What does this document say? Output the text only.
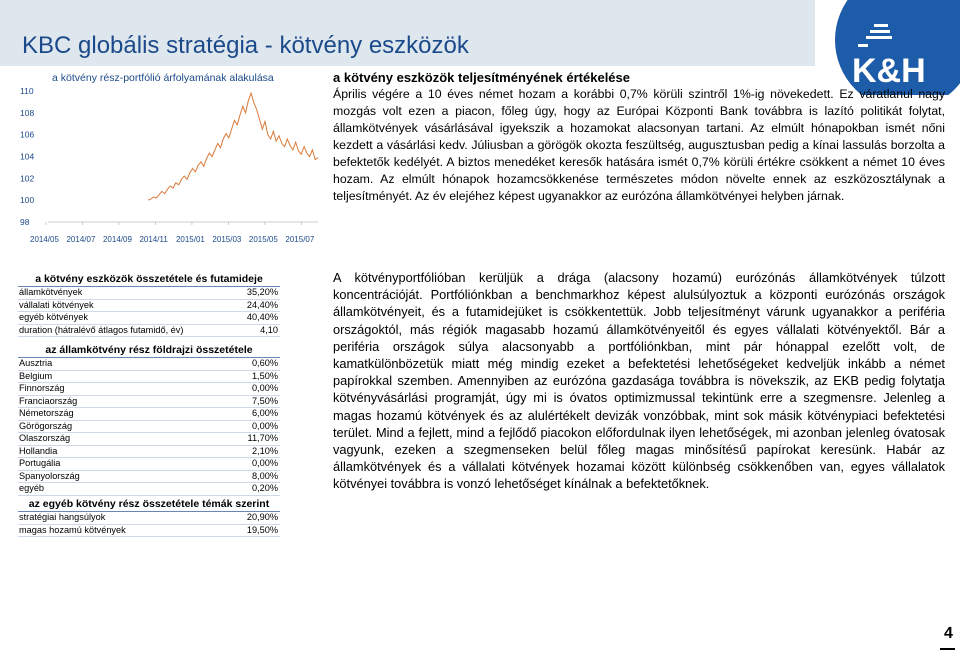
KBC globális stratégia - kötvény eszközök
K&H
a kötvény rész-portfólió árfolyamának alakulása
110
108
106
104
102
100
98
2014/05 2014/07 2014/09 2014/11 2015/01 2015/03 2015/05 2015/07
a kötvény eszközök teljesítményének értékelése
Április végére a 10 éves német hozam a korábbi 0,7% körüli szintről 1%-ig növekedett. Ez váratlanul nagy mozgás volt ezen a piacon, főleg úgy, hogy az Európai Központi Bank továbbra is lazító politikát folytat, államkötvények vásárlásával igyekszik a hozamokat alacsonyan tartani. Az elmúlt hónapokban ismét nőni kezdett a vásárlási kedv. Júliusban a görögök okozta feszültség, augusztusban pedig a kínai lassulás borzolta a befektetők kedélyét. A biztos menedéket keresők hatására ismét 0,7% körüli értékre csökkent a német 10 éves hozam. Az elmúlt hónapok hozamcsökkenése természetes módon növelte ennek az eszközosztálynak a teljesítményét. Az év elejéhez képest ugyanakkor az eurózóna államkötvényei helyben járnak.
A kötvényportfólióban kerüljük a drága (alacsony hozamú) eurózónás államkötvények túlzott koncentrációját. Portfóliónkban a benchmarkhoz képest alulsúlyoztuk a központi eurózónás országok államkötvényeit, és a futamidejüket is csökkentettük. Jobb teljesítményt várunk ugyanakkor a periféria országoktól, más régiók magasabb hozamú államkötvényeitől és egyes vállalati kötvényektől. Bár a periféria országok súlya alacsonyabb a portfóliónkban, mint pár hónappal ezelőtt volt, de kamatkülönbözetük miatt még mindig ezeket a befektetési lehetőségeket kedveljük inkább a német papírokkal szemben. Amennyiben az eurózóna gazdasága továbbra is növekszik, az EKB pedig folytatja kötvényvásárlási programját, úgy mi is óvatos optimizmussal tekintünk erre a szegmensre. Jelenleg a magas hozamú kötvények és az alulértékelt devizák vonzóbbak, mint sok másik kötvénypiaci befektetési terület. Mind a fejlett, mind a fejlődő piacokon előfordulnak ilyen lehetőségek, mi azonban jelenleg óvatosak vagyunk, ezeken a szegmenseken belül főleg magas minősítésű papírokat keresünk. Habár az államkötvények és a vállalati kötvények hozamai között különbség csökkenőben van, egyes vállalatok kötvényei továbbra is vonzó lehetőséget kínálnak a befektetőknek.
a kötvény eszközök összetétele és futamideje
államkötvények	35,20%
vállalati kötvények	24,40%
egyéb kötvények	40,40%
duration (hátralévő átlagos futamidő, év)	4,10
az államkötvény rész földrajzi összetétele
Ausztria	0,60%
Belgium	1,50%
Finnország	0,00%
Franciaország	7,50%
Németország	6,00%
Görögország	0,00%
Olaszország	11,70%
Hollandia	2,10%
Portugália	0,00%
Spanyolország	8,00%
egyéb	0,20%
az egyéb kötvény rész összetétele témák szerint
stratégiai hangsúlyok	20,90%
magas hozamú kötvények	19,50%
4
